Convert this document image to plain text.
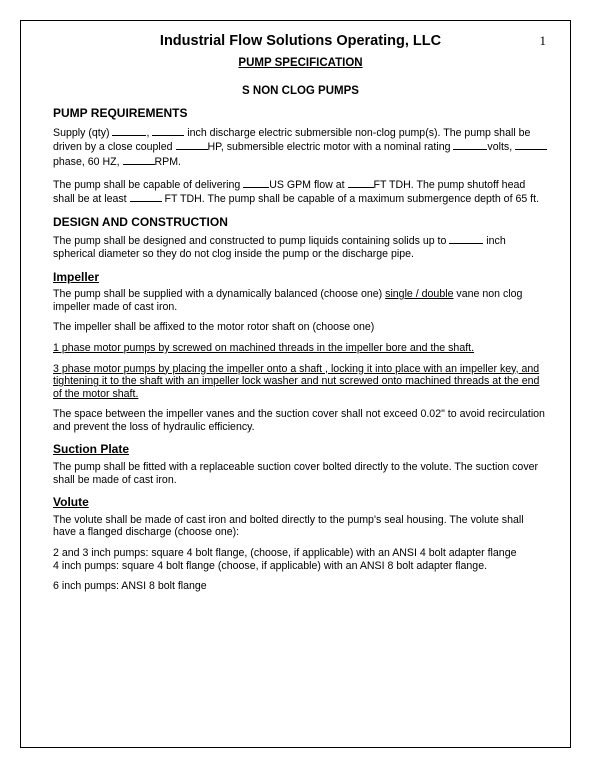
1
Industrial Flow Solutions Operating, LLC
PUMP SPECIFICATION
S NON CLOG PUMPS
PUMP REQUIREMENTS

Supply (qty)	,	inch discharge electric submersible non-clog pump(s). The pump shall be driven by a close coupled	HP, submersible electric motor with a nominal rating	volts, phase, 60 HZ,	RPM.

The pump shall be capable of delivering US GPM flow at FT TDH. The pump shutoff head shall be at least	FT TDH. The pump shall be capable of a maximum submergence depth of 65 ft.

DESIGN AND CONSTRUCTION

The pump shall be designed and constructed to pump liquids containing solids up to	inch spherical diameter so they do not clog inside the pump or the discharge pipe.

Impeller

The pump shall be supplied with a dynamically balanced (choose one) single / double vane non clog impeller made of cast iron.

The impeller shall be affixed to the motor rotor shaft on (choose one)

1 phase motor pumps by screwed on machined threads in the impeller bore and the shaft.

3 phase motor pumps by placing the impeller onto a shaft , locking it into place with an impeller key, and tightening it to the shaft with an impeller lock washer and nut screwed onto machined threads at the end of the motor shaft.

The space between the impeller vanes and the suction cover shall not exceed 0.02" to avoid recirculation and prevent the loss of hydraulic efficiency.

Suction Plate

The pump shall be fitted with a replaceable suction cover bolted directly to the volute. The suction cover shall be made of cast iron.

Volute

The volute shall be made of cast iron and bolted directly to the pump's seal housing. The volute shall have a flanged discharge (choose one):

2 and 3 inch pumps: square 4 bolt flange, (choose, if applicable) with an ANSI 4 bolt adapter flange

4 inch pumps: square 4 bolt flange (choose, if applicable) with an ANSI 8 bolt adapter flange.

6 inch pumps: ANSI 8 bolt flange
